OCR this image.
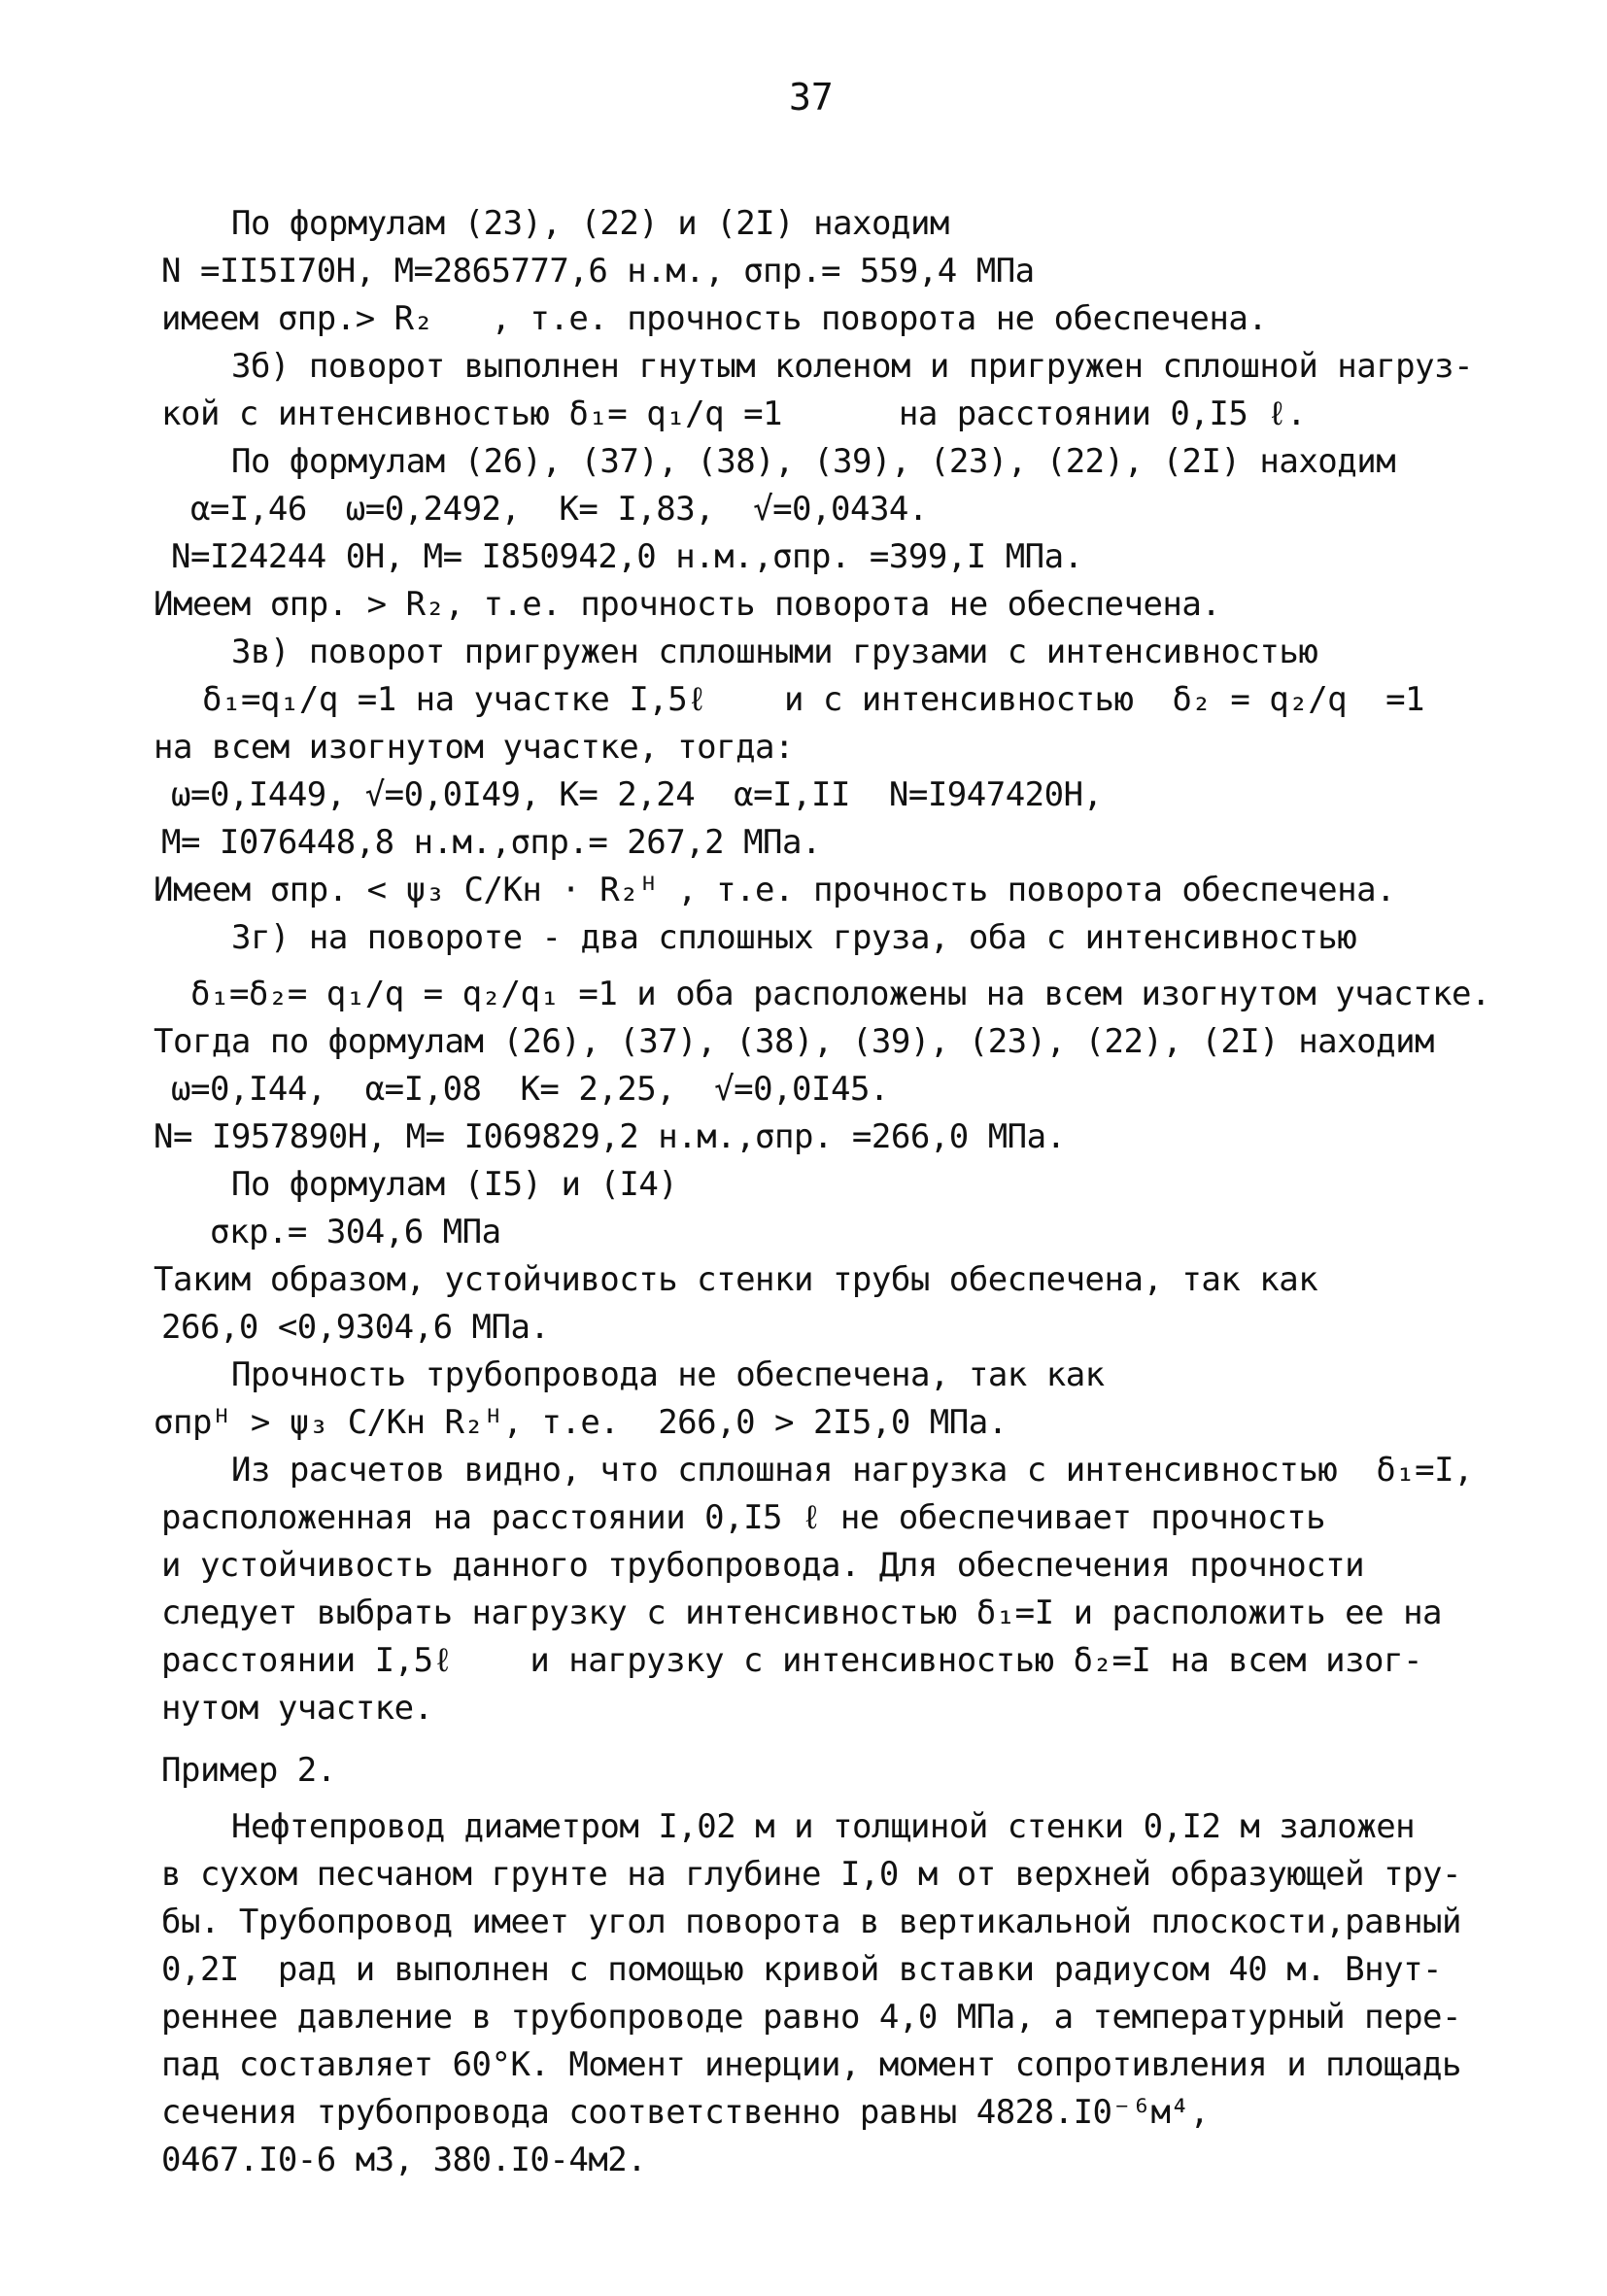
37
По формулам (23), (22) и (2I) находим
N =II5I70Н, М=2865777,6 н.м., σпр.= 559,4 МПа
имеем σпр.> R₂   , т.е. прочность поворота не обеспечена.
3б) поворот выполнен гнутым коленом и пригружен сплошной нагруз-
кой с интенсивностью δ₁= q₁/q =1      на расстоянии 0,I5 ℓ.
По формулам (26), (37), (38), (39), (23), (22), (2I) находим
α=I,46  ω=0,2492,  K= I,83,  √=0,0434.
N=I24244 0Н, М= I850942,0 н.м.,σпр. =399,I МПа.
Имеем σпр. > R₂, т.е. прочность поворота не обеспечена.
3в) поворот пригружен сплошными грузами с интенсивностью
δ₁=q₁/q =1 на участке I,5ℓ    и с интенсивностью  δ₂ = q₂/q  =1
на всем изогнутом участке, тогда:
ω=0,I449, √=0,0I49, K= 2,24  α=I,II  N=I947420Н,
М= I076448,8 н.м.,σпр.= 267,2 МПа.
Имеем σпр. < ψ₃ C/Kн · R₂ᴴ , т.е. прочность поворота обеспечена.
3г) на повороте - два сплошных груза, оба с интенсивностью
δ₁=δ₂= q₁/q = q₂/q₁ =1 и оба расположены на всем изогнутом участке.
Тогда по формулам (26), (37), (38), (39), (23), (22), (2I) находим
ω=0,I44,  α=I,08  K= 2,25,  √=0,0I45.
N= I957890Н, М= I069829,2 н.м.,σпр. =266,0 МПа.
По формулам (I5) и (I4)
σкр.= 304,6 МПа
Таким образом, устойчивость стенки трубы обеспечена, так как
266,0 <0,9304,6 МПа.
Прочность трубопровода не обеспечена, так как
σпрᴴ > ψ₃ C/Kн R₂ᴴ, т.е.  266,0 > 2I5,0 МПа.
Из расчетов видно, что сплошная нагрузка с интенсивностью  δ₁=I,
расположенная на расстоянии 0,I5 ℓ не обеспечивает прочность
и устойчивость данного трубопровода. Для обеспечения прочности
следует выбрать нагрузку с интенсивностью δ₁=I и расположить ее на
расстоянии I,5ℓ    и нагрузку с интенсивностью δ₂=I на всем изог-
нутом участке.
Пример 2.
Нефтепровод диаметром I,02 м и толщиной стенки 0,I2 м заложен
в сухом песчаном грунте на глубине I,0 м от верхней образующей тру-
бы. Трубопровод имеет угол поворота в вертикальной плоскости,равный
0,2I  рад и выполнен с помощью кривой вставки радиусом 40 м. Внут-
реннее давление в трубопроводе равно 4,0 МПа, а температурный пере-
пад составляет 60°К. Момент инерции, момент сопротивления и площадь
сечения трубопровода соответственно равны 4828.I0⁻⁶м⁴,
0467.I0-6 м3, 380.I0-4м2.
